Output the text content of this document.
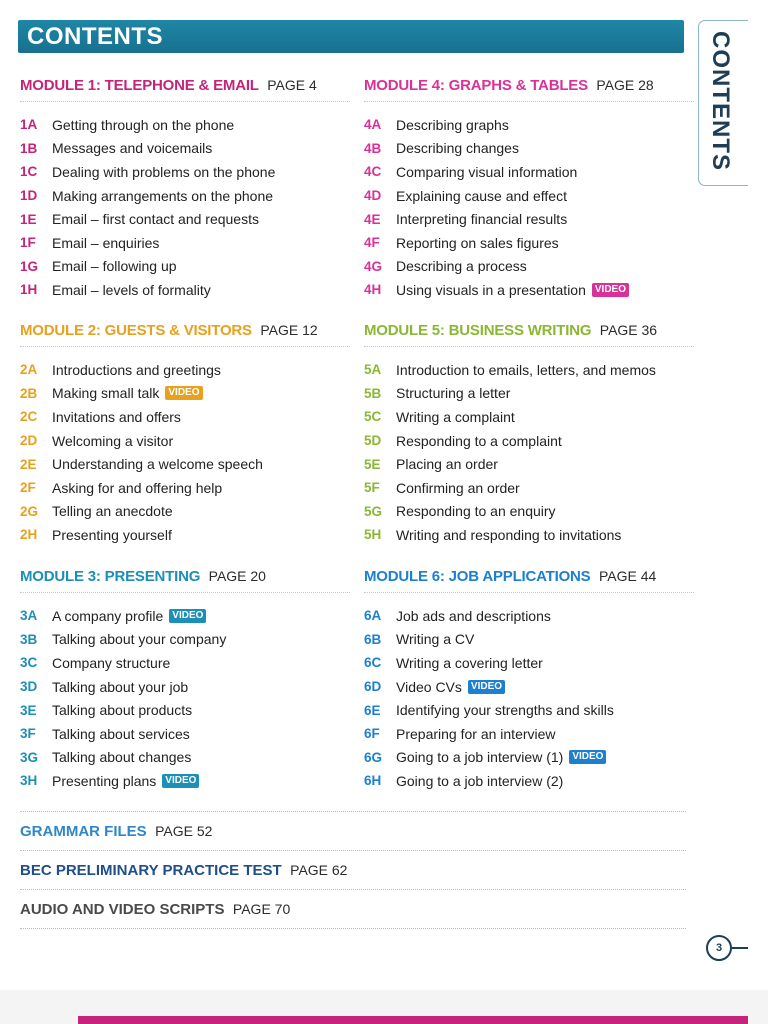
CONTENTS	CONTENTS
MODULE 1: TELEPHONE & EMAIL PAGE 4
1A	Getting through on the phone
1B	Messages and voicemails
1C	Dealing with problems on the phone
1D	Making arrangements on the phone
1E	Email – first contact and requests
1F	Email – enquiries
1G Email – following up
1H	Email – levels of formality
MODULE 4: GRAPHS & TABLES PAGE 28
4A	Describing graphs
4B	Describing changes
4C	Comparing visual information
4D	Explaining cause and effect
4E	Interpreting financial results
4F	Reporting on sales figures
4G Describing a process
4H	Using visuals in a presentation VIDEO
MODULE 2: GUESTS & VISITORS PAGE 12
2A	Introductions and greetings
2B	Making small talk VIDEO
2C	Invitations and offers
2D	Welcoming a visitor
2E	Understanding a welcome speech
2F	Asking for and offering help
2G Telling an anecdote
2H	Presenting yourself
MODULE 5: BUSINESS WRITING PAGE 36
5A	Introduction to emails, letters, and memos
5B	Structuring a letter
5C	Writing a complaint
5D	Responding to a complaint
5E	Placing an order
5F	Confirming an order
5G Responding to an enquiry
5H	Writing and responding to invitations
MODULE 3: PRESENTING PAGE 20
3A	A company profile VIDEO
3B	Talking about your company
3C	Company structure
3D	Talking about your job
3E	Talking about products
3F	Talking about services
3G Talking about changes
3H	Presenting plans VIDEO
MODULE 6: JOB APPLICATIONS PAGE 44
6A	Job ads and descriptions
6B	Writing a CV
6C	Writing a covering letter
6D	Video CVs VIDEO
6E	Identifying your strengths and skills
6F	Preparing for an interview
6G Going to a job interview (1) VIDEO
6H	Going to a job interview (2)
GRAMMAR FILES PAGE 52
BEC PRELIMINARY PRACTICE TEST PAGE 62
AUDIO AND VIDEO SCRIPTS PAGE 70
3
